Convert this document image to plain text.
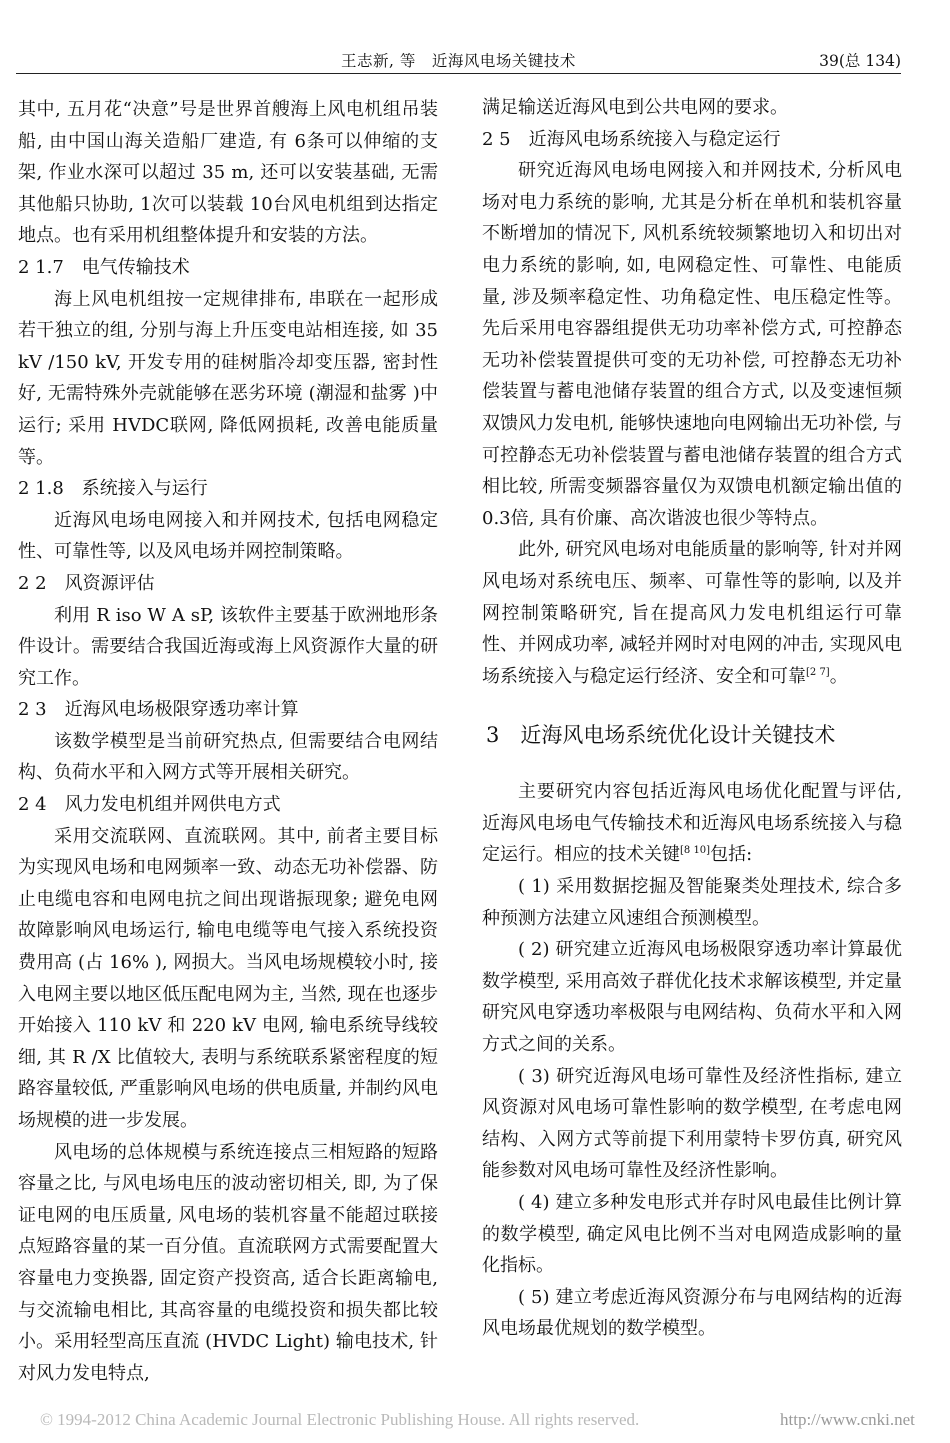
王志新, 等　近海风电场关键技术	39(总 134)

其中, 五月花“决意”号是世界首艘海上风电机组吊装船, 由中国山海关造船厂建造, 有 6条可以伸缩的支架, 作业水深可以超过 35 m, 还可以安装基础, 无需其他船只协助, 1次可以装载 10台风电机组到达指定地点。也有采用机组整体提升和安装的方法。

2 1.7　电气传输技术

海上风电机组按一定规律排布, 串联在一起形成若干独立的组, 分别与海上升压变电站相连接, 如 35 kV /150 kV, 开发专用的硅树脂冷却变压器, 密封性好, 无需特殊外壳就能够在恶劣环境 (潮湿和盐雾 )中运行; 采用 HVDC联网, 降低网损耗, 改善电能质量等。

2 1.8　系统接入与运行

近海风电场电网接入和并网技术, 包括电网稳定性、可靠性等, 以及风电场并网控制策略。

2 2　风资源评估

利用 R iso W A sP, 该软件主要基于欧洲地形条件设计。需要结合我国近海或海上风资源作大量的研究工作。

2 3　近海风电场极限穿透功率计算

该数学模型是当前研究热点, 但需要结合电网结构、负荷水平和入网方式等开展相关研究。

2 4　风力发电机组并网供电方式

采用交流联网、直流联网。其中, 前者主要目标为实现风电场和电网频率一致、动态无功补偿器、防止电缆电容和电网电抗之间出现谐振现象; 避免电网故障影响风电场运行, 输电电缆等电气接入系统投资费用高 (占 16% ), 网损大。当风电场规模较小时, 接入电网主要以地区低压配电网为主, 当然, 现在也逐步开始接入 110 kV 和 220 kV 电网, 输电系统导线较细, 其 R /X 比值较大, 表明与系统联系紧密程度的短路容量较低, 严重影响风电场的供电质量, 并制约风电场规模的进一步发展。

风电场的总体规模与系统连接点三相短路的短路容量之比, 与风电场电压的波动密切相关, 即, 为了保证电网的电压质量, 风电场的装机容量不能超过联接点短路容量的某一百分值。直流联网方式需要配置大容量电力变换器, 固定资产投资高, 适合长距离输电, 与交流输电相比, 其高容量的电缆投资和损失都比较小。采用轻型高压直流 (HVDC Light) 输电技术, 针对风力发电特点,

满足输送近海风电到公共电网的要求。

2 5　近海风电场系统接入与稳定运行

研究近海风电场电网接入和并网技术, 分析风电场对电力系统的影响, 尤其是分析在单机和装机容量不断增加的情况下, 风机系统较频繁地切入和切出对电力系统的影响, 如, 电网稳定性、可靠性、电能质量, 涉及频率稳定性、功角稳定性、电压稳定性等。先后采用电容器组提供无功功率补偿方式, 可控静态无功补偿装置提供可变的无功补偿, 可控静态无功补偿装置与蓄电池储存装置的组合方式, 以及变速恒频双馈风力发电机, 能够快速地向电网输出无功补偿, 与可控静态无功补偿装置与蓄电池储存装置的组合方式相比较, 所需变频器容量仅为双馈电机额定输出值的 0.3倍, 具有价廉、高次谐波也很少等特点。

此外, 研究风电场对电能质量的影响等, 针对并网风电场对系统电压、频率、可靠性等的影响, 以及并网控制策略研究, 旨在提高风力发电机组运行可靠性、并网成功率, 减轻并网时对电网的冲击, 实现风电场系统接入与稳定运行经济、安全和可靠[2 7]。

3　近海风电场系统优化设计关键技术

主要研究内容包括近海风电场优化配置与评估, 近海风电场电气传输技术和近海风电场系统接入与稳定运行。相应的技术关键[8 10]包括:

( 1) 采用数据挖掘及智能聚类处理技术, 综合多种预测方法建立风速组合预测模型。

( 2) 研究建立近海风电场极限穿透功率计算最优数学模型, 采用高效子群优化技术求解该模型, 并定量研究风电穿透功率极限与电网结构、负荷水平和入网方式之间的关系。

( 3) 研究近海风电场可靠性及经济性指标, 建立风资源对风电场可靠性影响的数学模型, 在考虑电网结构、入网方式等前提下利用蒙特卡罗仿真, 研究风能参数对风电场可靠性及经济性影响。

( 4) 建立多种发电形式并存时风电最佳比例计算的数学模型, 确定风电比例不当对电网造成影响的量化指标。

( 5) 建立考虑近海风资源分布与电网结构的近海风电场最优规划的数学模型。

© 1994-2012 China Academic Journal Electronic Publishing House. All rights reserved.	http://www.cnki.net
